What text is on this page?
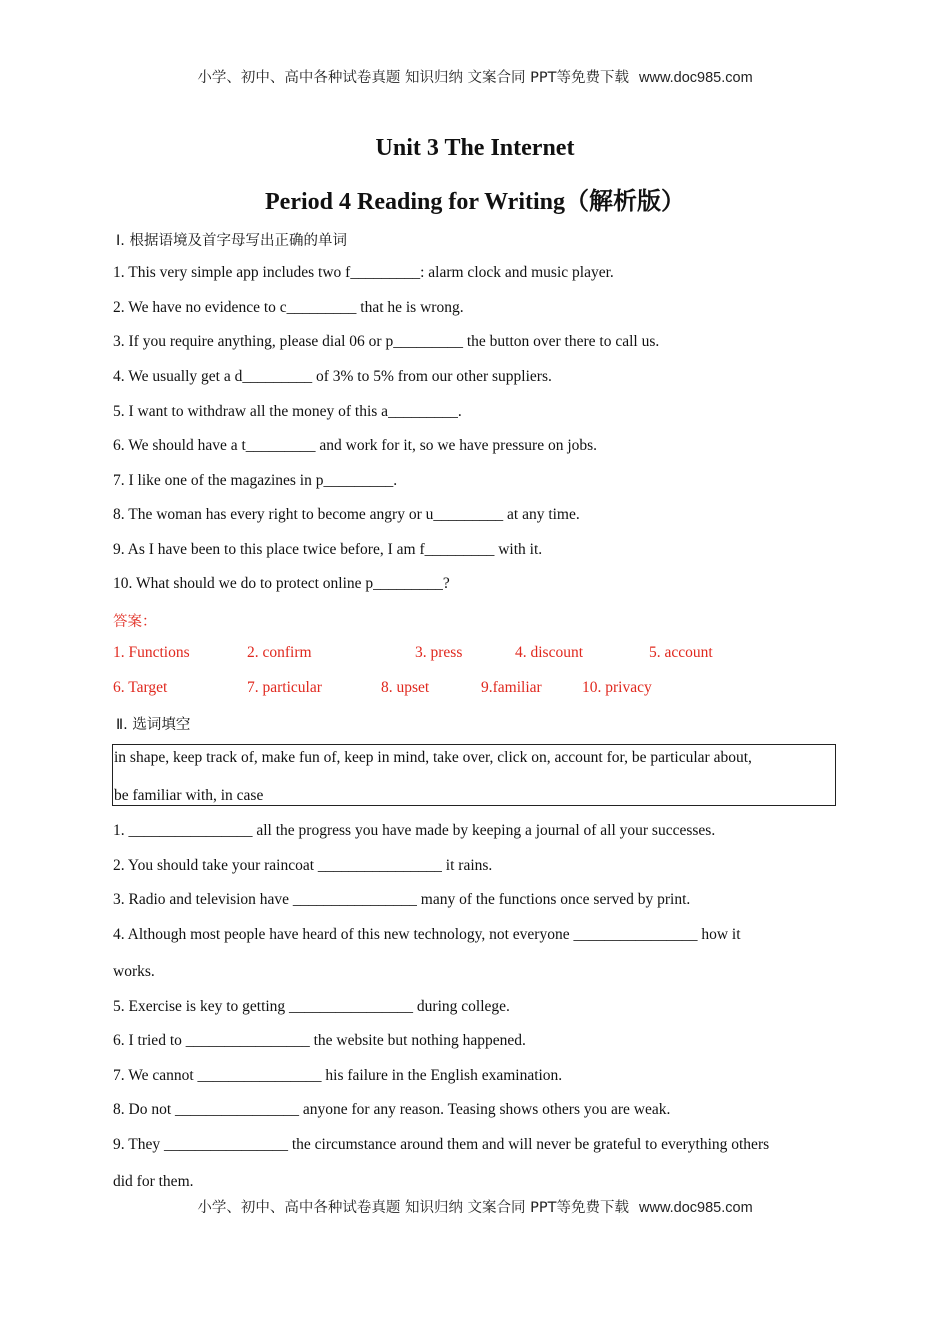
小学、初中、高中各种试卷真题 知识归纳 文案合同 PPT等免费下载 www.doc985.com
Unit 3 The Internet
Period 4 Reading for Writing（解析版）
Ⅰ. 根据语境及首字母写出正确的单词
1. This very simple app includes two f_________: alarm clock and music player.
2. We have no evidence to c_________ that he is wrong.
3. If you require anything, please dial 06 or p_________ the button over there to call us.
4. We usually get a d_________ of 3% to 5% from our other suppliers.
5. I want to withdraw all the money of this a_________.
6. We should have a t_________ and work for it, so we have pressure on jobs.
7. I like one of the magazines in p_________.
8. The woman has every right to become angry or u_________ at any time.
9. As I have been to this place twice before, I am f_________ with it.
10. What should we do to protect online p_________?
答案：
1. Functions	2. confirm	3. press	4. discount	5. account
6. Target	7. particular	8. upset	9.familiar	10. privacy
Ⅱ. 选词填空
in shape, keep track of, make fun of, keep in mind, take over, click on, account for, be particular about,
be familiar with, in case
1. ________________ all the progress you have made by keeping a journal of all your successes.
2. You should take your raincoat ________________ it rains.
3. Radio and television have ________________ many of the functions once served by print.
4. Although most people have heard of this new technology, not everyone ________________ how it
works.
5. Exercise is key to getting ________________ during college.
6. I tried to ________________ the website but nothing happened.
7. We cannot ________________ his failure in the English examination.
8. Do not ________________ anyone for any reason. Teasing shows others you are weak.
9. They ________________ the circumstance around them and will never be grateful to everything others
did for them.
小学、初中、高中各种试卷真题 知识归纳 文案合同 PPT等免费下载 www.doc985.com
